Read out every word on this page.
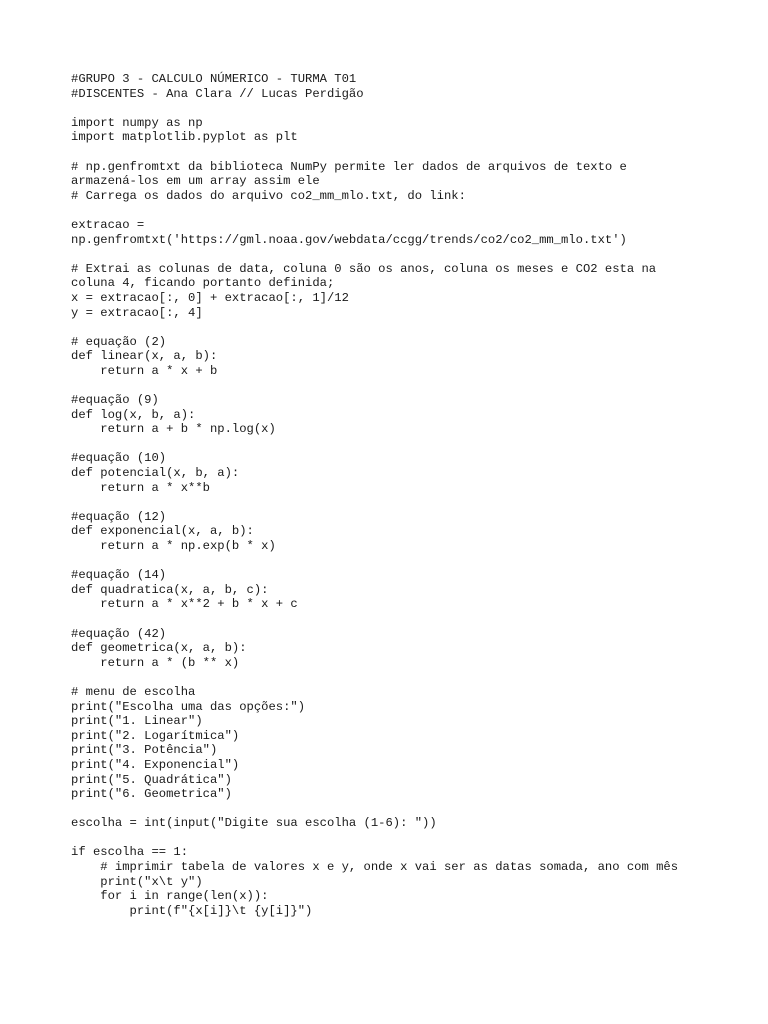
#GRUPO 3 - CALCULO NÚMERICO - TURMA T01
#DISCENTES - Ana Clara // Lucas Perdigão
import numpy as np
import matplotlib.pyplot as plt
# np.genfromtxt da biblioteca NumPy permite ler dados de arquivos de texto e
armazená-los em um array assim ele
# Carrega os dados do arquivo co2_mm_mlo.txt, do link:
extracao =
np.genfromtxt('https://gml.noaa.gov/webdata/ccgg/trends/co2/co2_mm_mlo.txt')
# Extrai as colunas de data, coluna 0 são os anos, coluna os meses e CO2 esta na
coluna 4, ficando portanto definida;
x = extracao[:, 0] + extracao[:, 1]/12
y = extracao[:, 4]
# equação (2)
def linear(x, a, b):
return a * x + b
#equação (9)
def log(x, b, a):
return a + b * np.log(x)
#equação (10)
def potencial(x, b, a):
return a * x**b
#equação (12)
def exponencial(x, a, b):
return a * np.exp(b * x)
#equação (14)
def quadratica(x, a, b, c):
return a * x**2 + b * x + c
#equação (42)
def geometrica(x, a, b):
return a * (b ** x)
# menu de escolha
print("Escolha uma das opções:")
print("1. Linear")
print("2. Logarítmica")
print("3. Potência")
print("4. Exponencial")
print("5. Quadrática")
print("6. Geometrica")
escolha = int(input("Digite sua escolha (1-6): "))
if escolha == 1:
# imprimir tabela de valores x e y, onde x vai ser as datas somada, ano com mês
print("x\t y")
for i in range(len(x)):
print(f"{x[i]}\t {y[i]}")
